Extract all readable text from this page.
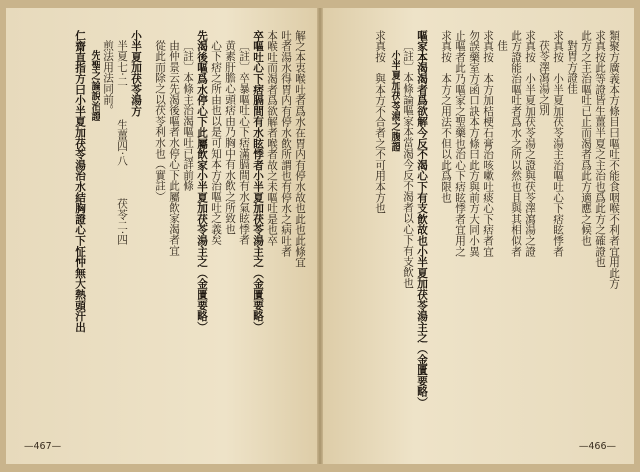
解之本衷喉吐者爲水在胃内有停水故也此也此條宜
吐者湯水得胃内有停水飲所謂也有停水之病吐者
本喉吐而渴者爲欲解者喉者故之未嘔吐是也卒
卒嘔吐心下痞膈間有水眩悸者小半夏加茯苓湯主之（金匱要略）
〔註〕卒暴嘔吐心下痞滿膈間有水氣眩悸者
黄素肝膽心頭痞由乃胸中有水飲之所致也
心下痞之所由也以是可知本方治嘔吐之義矣
先渴後嘔爲水停心下此屬飲家小半夏加茯苓湯主之（金匱要略）
〔註〕本條主治渴嘔吐已詳前條
由仲景云先渴後嘔者水停心下此屬飲家渴者宜
從此而除之以茯苓利水也（實註）
小半夏加茯苓湯方
半夏七·二　　　生薑四·八　　　茯苓二·四
煎法用法同前。
先聖之論說治證
仁齋直指方曰小半夏加茯苓湯治水結胸證心下怔忡無大熱頭汗出
—467—
類聚方廣義本方條目曰嘔吐不能食咽喉不利者宜用此方
求真按此等證皆生薑半夏之主治也爲此方之確證也
此方之主治嘔吐已止而渴者爲此方適應之候也
對胃方證佳
求真按　小半夏加茯苓湯主治嘔吐心下痞眩悸者
茯苓澤瀉湯之別
求真按　小半夏加茯苓湯之證與茯苓澤瀉湯之證
此方證能治嘔吐者爲水之所以然也且與其相似者
佳
求真按　本方加桔梗石膏治咳嗽吐痰心下痞者宜
勿誤藥室方函口訣本方條曰此方與前方大同小異
止嘔者此乃嘔家之聖藥也治心下痞眩悸者宜用之
求真按　本方之用法不但以此爲限也
嘔家本渴渴者爲欲解今反不渴心下有支飲故也小半夏加茯苓湯主之（金匱要略）
〔註〕本條論嘔家本當渴今反不渴者以心下有支飲也
小半夏加茯苓湯之腹證
求真按　與本方不合者之不可用本方也
—466—
